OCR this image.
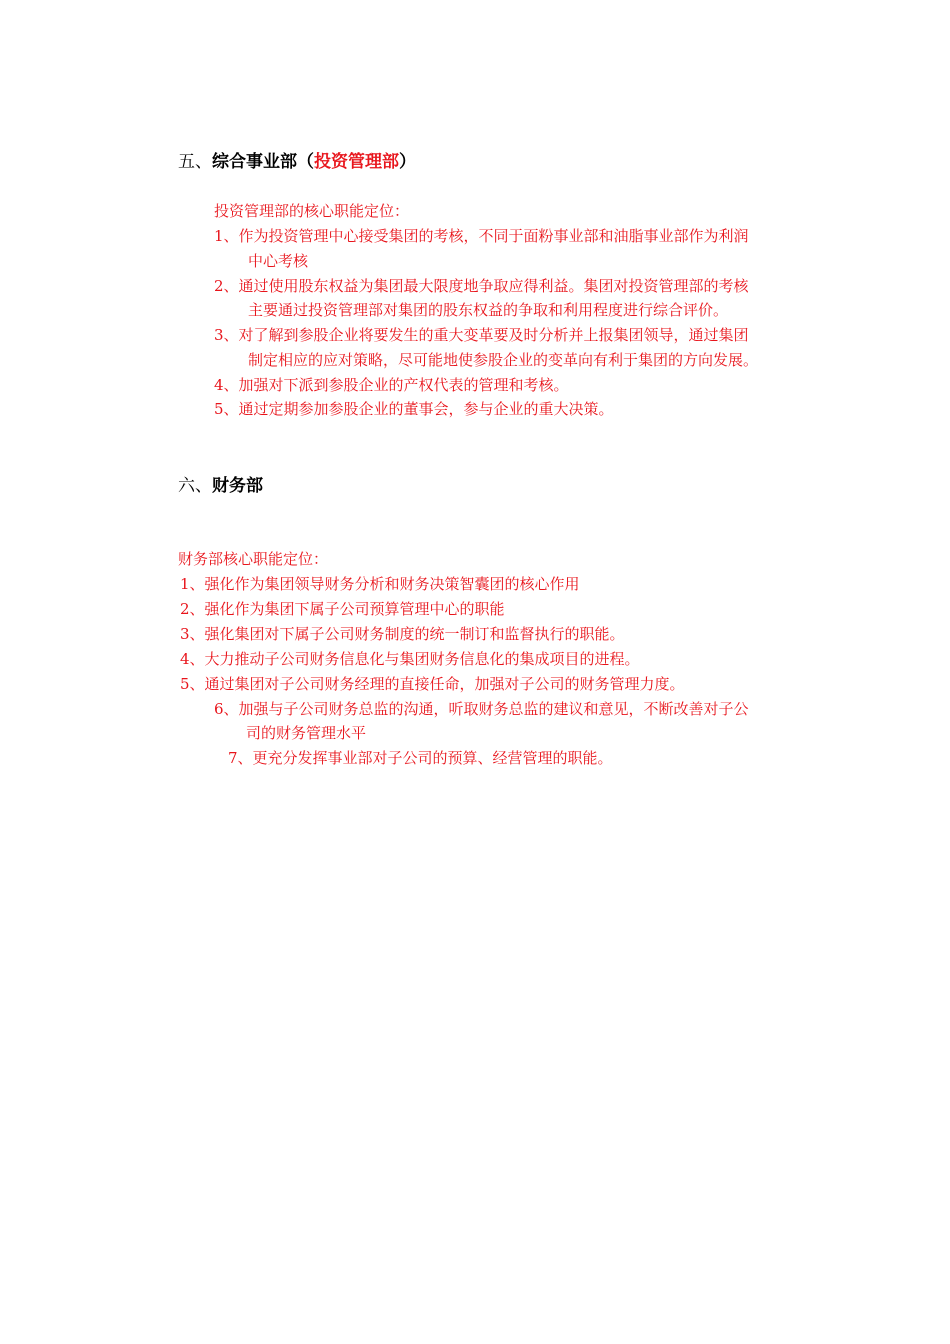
五、综合事业部（投资管理部）
投资管理部的核心职能定位：
1、作为投资管理中心接受集团的考核，不同于面粉事业部和油脂事业部作为利润
中心考核
2、通过使用股东权益为集团最大限度地争取应得利益。集团对投资管理部的考核
主要通过投资管理部对集团的股东权益的争取和利用程度进行综合评价。
3、对了解到参股企业将要发生的重大变革要及时分析并上报集团领导，通过集团
制定相应的应对策略，尽可能地使参股企业的变革向有利于集团的方向发展。
4、加强对下派到参股企业的产权代表的管理和考核。
5、通过定期参加参股企业的董事会，参与企业的重大决策。
六、财务部
财务部核心职能定位：
1、强化作为集团领导财务分析和财务决策智囊团的核心作用
2、强化作为集团下属子公司预算管理中心的职能
3、强化集团对下属子公司财务制度的统一制订和监督执行的职能。
4、大力推动子公司财务信息化与集团财务信息化的集成项目的进程。
5、通过集团对子公司财务经理的直接任命，加强对子公司的财务管理力度。
6、加强与子公司财务总监的沟通，听取财务总监的建议和意见，不断改善对子公
司的财务管理水平
7、更充分发挥事业部对子公司的预算、经营管理的职能。
